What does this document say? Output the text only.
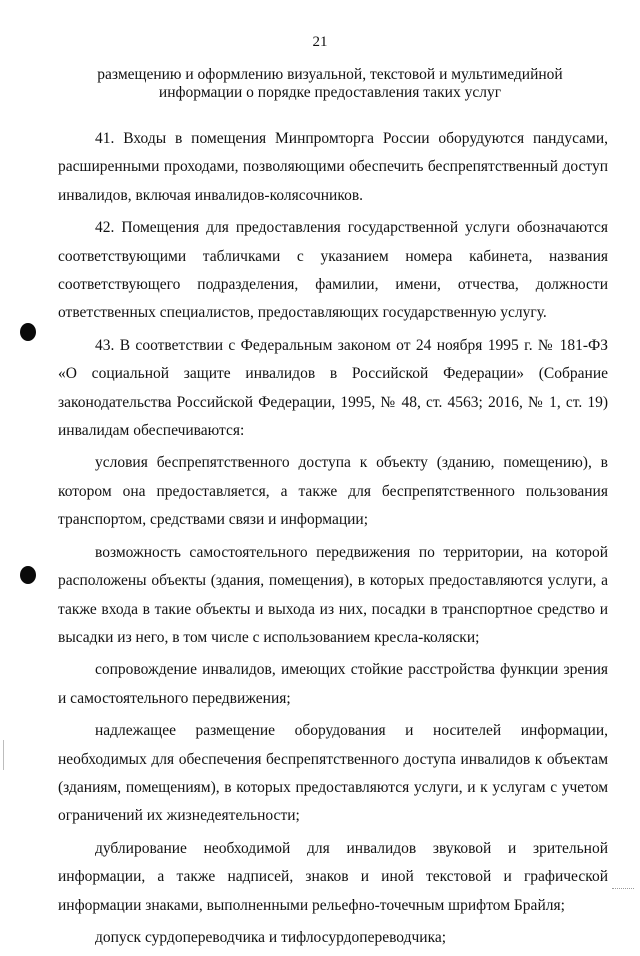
21
размещению и оформлению визуальной, текстовой и мультимедийной
информации о порядке предоставления таких услуг

41. Входы в помещения Минпромторга России оборудуются пандусами, расширенными проходами, позволяющими обеспечить беспрепятственный доступ инвалидов, включая инвалидов-колясочников.

42. Помещения для предоставления государственной услуги обозначаются соответствующими табличками с указанием номера кабинета, названия соответствующего подразделения, фамилии, имени, отчества, должности ответственных специалистов, предоставляющих государственную услугу.

43. В соответствии с Федеральным законом от 24 ноября 1995 г. № 181-ФЗ «О социальной защите инвалидов в Российской Федерации» (Собрание законодательства Российской Федерации, 1995, № 48, ст. 4563; 2016, № 1, ст. 19) инвалидам обеспечиваются:

условия беспрепятственного доступа к объекту (зданию, помещению), в котором она предоставляется, а также для беспрепятственного пользования транспортом, средствами связи и информации;

возможность самостоятельного передвижения по территории, на которой расположены объекты (здания, помещения), в которых предоставляются услуги, а также входа в такие объекты и выхода из них, посадки в транспортное средство и высадки из него, в том числе с использованием кресла-коляски;

сопровождение инвалидов, имеющих стойкие расстройства функции зрения и самостоятельного передвижения;

надлежащее размещение оборудования и носителей информации, необходимых для обеспечения беспрепятственного доступа инвалидов к объектам (зданиям, помещениям), в которых предоставляются услуги, и к услугам с учетом ограничений их жизнедеятельности;

дублирование необходимой для инвалидов звуковой и зрительной информации, а также надписей, знаков и иной текстовой и графической информации знаками, выполненными рельефно-точечным шрифтом Брайля;

допуск сурдопереводчика и тифлосурдопереводчика;
